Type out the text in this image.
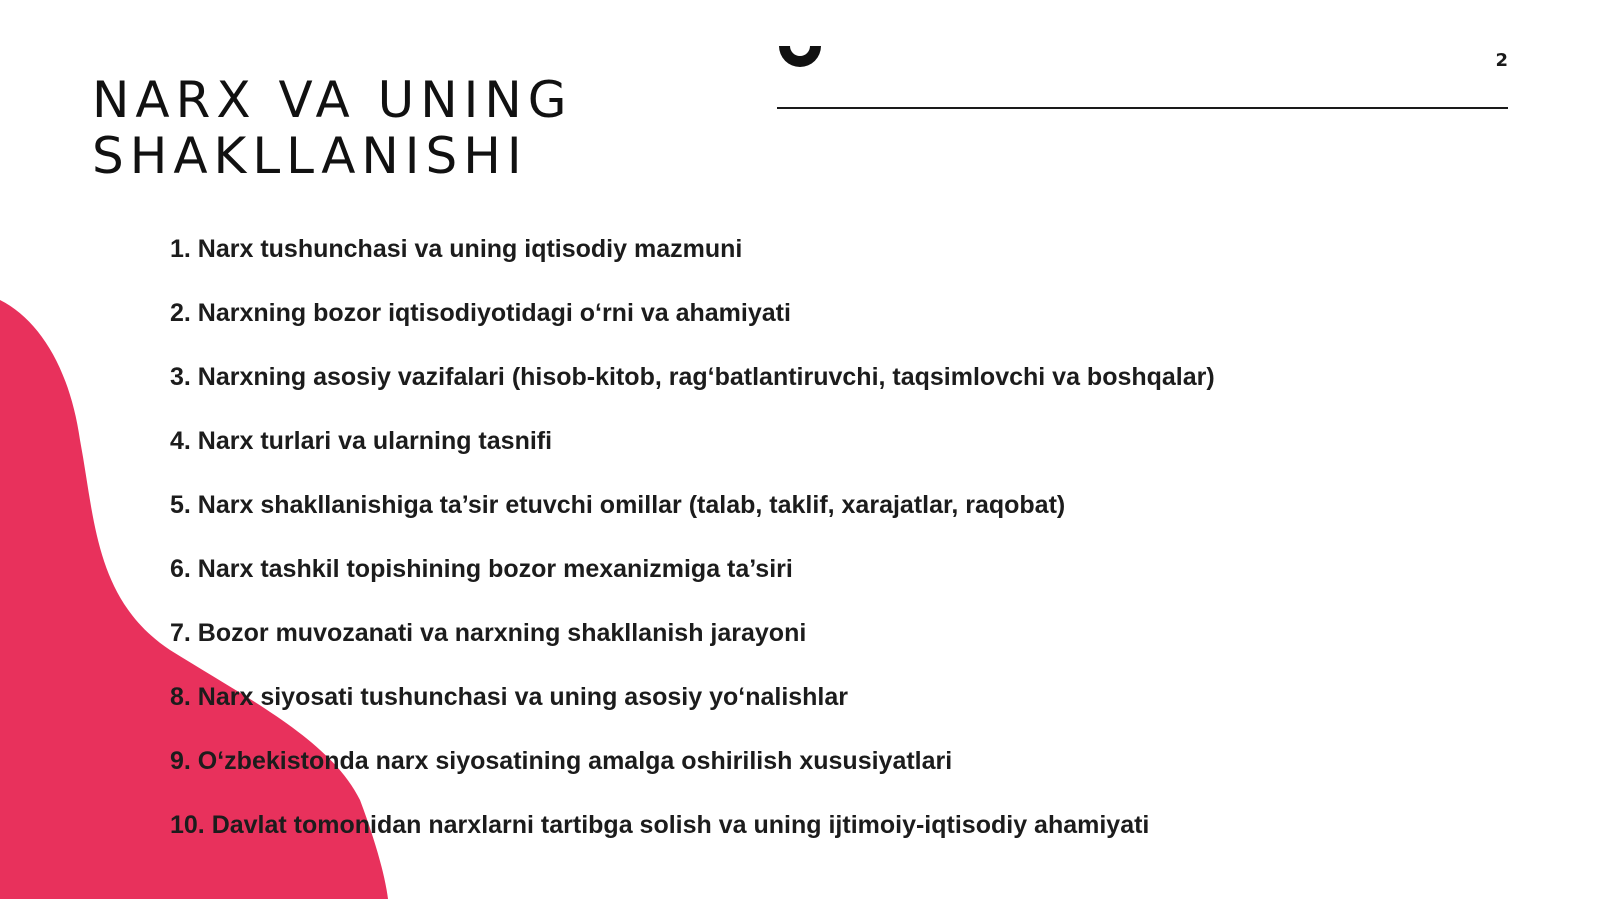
2
NARX VA UNING
SHAKLLANISHI
1. Narx tushunchasi va uning iqtisodiy mazmuni
2. Narxning bozor iqtisodiyotidagi o‘rni va ahamiyati
3. Narxning asosiy vazifalari (hisob-kitob, rag‘batlantiruvchi, taqsimlovchi va boshqalar)
4. Narx turlari va ularning tasnifi
5. Narx shakllanishiga ta’sir etuvchi omillar (talab, taklif, xarajatlar, raqobat)
6. Narx tashkil topishining bozor mexanizmiga ta’siri
7. Bozor muvozanati va narxning shakllanish jarayoni
8. Narx siyosati tushunchasi va uning asosiy yo‘nalishlar
9. O‘zbekistonda narx siyosatining amalga oshirilish xususiyatlari
10. Davlat tomonidan narxlarni tartibga solish va uning ijtimoiy-iqtisodiy ahamiyati
